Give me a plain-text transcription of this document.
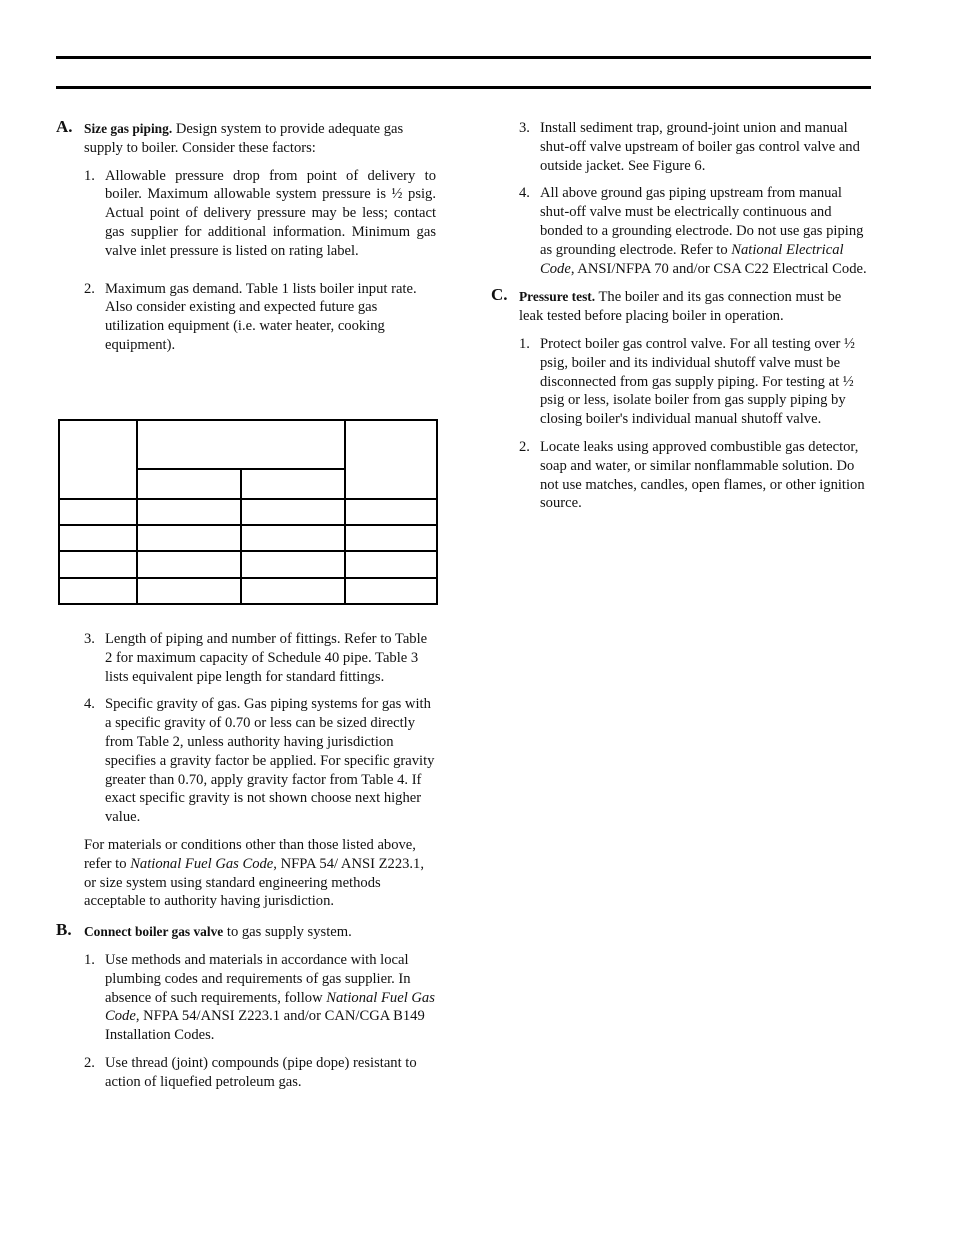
A. Size gas piping. Design system to provide adequate gas supply to boiler. Consider these factors:
1. Allowable pressure drop from point of delivery to boiler. Maximum allowable system pressure is ½ psig. Actual point of delivery pressure may be less; contact gas supplier for additional information. Minimum gas valve inlet pressure is listed on rating label.
2. Maximum gas demand. Table 1 lists boiler input rate. Also consider existing and expected future gas utilization equipment (i.e. water heater, cooking equipment).

3. Length of piping and number of fittings. Refer to Table 2 for maximum capacity of Schedule 40 pipe. Table 3 lists equivalent pipe length for standard fittings.
4. Specific gravity of gas. Gas piping systems for gas with a specific gravity of 0.70 or less can be sized directly from Table 2, unless authority having jurisdiction specifies a gravity factor be applied. For specific gravity greater than 0.70, apply gravity factor from Table 4. If exact specific gravity is not shown choose next higher value.
For materials or conditions other than those listed above, refer to National Fuel Gas Code, NFPA 54/ ANSI Z223.1, or size system using standard engineering methods acceptable to authority having jurisdiction.
B. Connect boiler gas valve to gas supply system.
1. Use methods and materials in accordance with local plumbing codes and requirements of gas supplier. In absence of such requirements, follow National Fuel Gas Code, NFPA 54/ANSI Z223.1 and/or CAN/CGA B149 Installation Codes.
2. Use thread (joint) compounds (pipe dope) resistant to action of liquefied petroleum gas.
3. Install sediment trap, ground-joint union and manual shut-off valve upstream of boiler gas control valve and outside jacket. See Figure 6.
4. All above ground gas piping upstream from manual shut-off valve must be electrically continuous and bonded to a grounding electrode. Do not use gas piping as grounding electrode. Refer to National Electrical Code, ANSI/NFPA 70 and/or CSA C22 Electrical Code.
C. Pressure test. The boiler and its gas connection must be leak tested before placing boiler in operation.
1. Protect boiler gas control valve. For all testing over ½ psig, boiler and its individual shutoff valve must be disconnected from gas supply piping. For testing at ½ psig or less, isolate boiler from gas supply piping by closing boiler's individual manual shutoff valve.
2. Locate leaks using approved combustible gas detector, soap and water, or similar nonflammable solution. Do not use matches, candles, open flames, or other ignition source.
